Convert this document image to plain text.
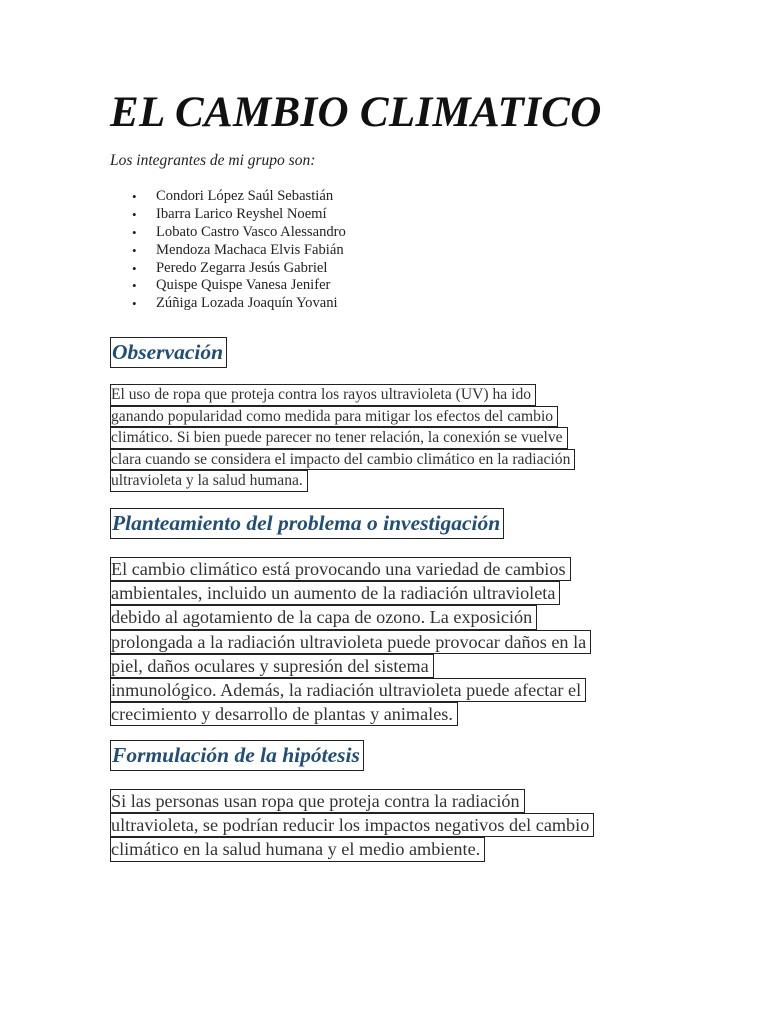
EL CAMBIO CLIMATICO
Los integrantes de mi grupo son:
• Condori López Saúl Sebastián
• Ibarra Larico Reyshel Noemí
• Lobato Castro Vasco Alessandro
• Mendoza Machaca Elvis Fabián
• Peredo Zegarra Jesús Gabriel
• Quispe Quispe Vanesa Jenifer
• Zúñiga Lozada Joaquín Yovani
Observación
El uso de ropa que proteja contra los rayos ultravioleta (UV) ha ido
ganando popularidad como medida para mitigar los efectos del cambio
climático. Si bien puede parecer no tener relación, la conexión se vuelve
clara cuando se considera el impacto del cambio climático en la radiación
ultravioleta y la salud humana.
Planteamiento del problema o investigación
El cambio climático está provocando una variedad de cambios
ambientales, incluido un aumento de la radiación ultravioleta
debido al agotamiento de la capa de ozono. La exposición
prolongada a la radiación ultravioleta puede provocar daños en la
piel, daños oculares y supresión del sistema
inmunológico. Además, la radiación ultravioleta puede afectar el
crecimiento y desarrollo de plantas y animales.
Formulación de la hipótesis
Si las personas usan ropa que proteja contra la radiación
ultravioleta, se podrían reducir los impactos negativos del cambio
climático en la salud humana y el medio ambiente.
